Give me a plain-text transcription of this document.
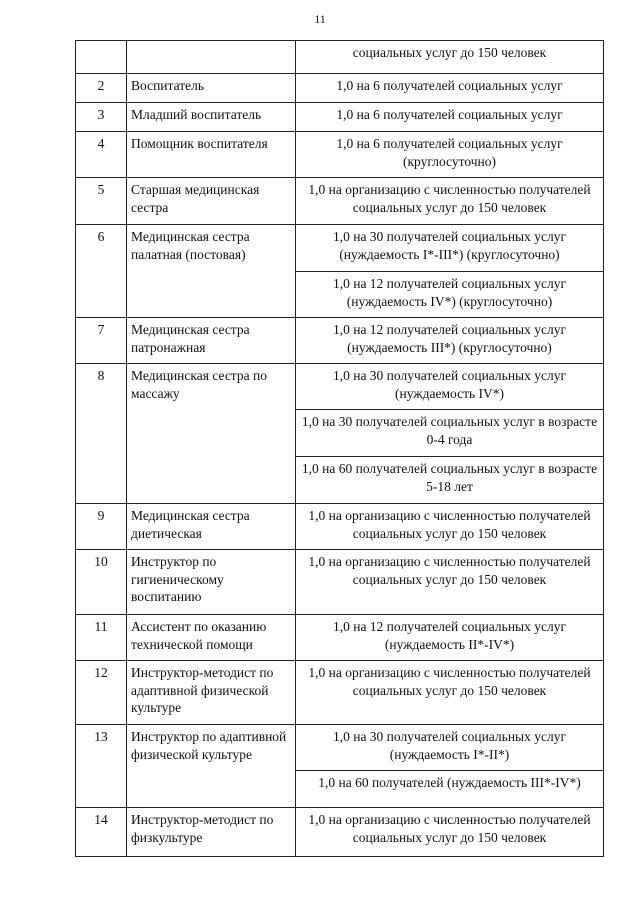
11
		социальных услуг до 150 человек
2	Воспитатель	1,0 на 6 получателей социальных услуг
3	Младший воспитатель	1,0 на 6 получателей социальных услуг
4	Помощник воспитателя	1,0 на 6 получателей социальных услуг (круглосуточно)
5	Старшая медицинская сестра	1,0 на организацию с численностью получателей социальных услуг до 150 человек
6	Медицинская сестра палатная (постовая)	1,0 на 30 получателей социальных услуг (нуждаемость I*-III*) (круглосуточно)
		1,0 на 12 получателей социальных услуг (нуждаемость IV*) (круглосуточно)
7	Медицинская сестра патронажная	1,0 на 12 получателей социальных услуг (нуждаемость III*) (круглосуточно)
8	Медицинская сестра по массажу	1,0 на 30 получателей социальных услуг (нуждаемость IV*)
		1,0 на 30 получателей социальных услуг в возрасте 0-4 года
		1,0 на 60 получателей социальных услуг в возрасте 5-18 лет
9	Медицинская сестра диетическая	1,0 на организацию с численностью получателей социальных услуг до 150 человек
10	Инструктор по гигиеническому воспитанию	1,0 на организацию с численностью получателей социальных услуг до 150 человек
11	Ассистент по оказанию технической помощи	1,0 на 12 получателей социальных услуг (нуждаемость II*-IV*)
12	Инструктор-методист по адаптивной физической культуре	1,0 на организацию с численностью получателей социальных услуг до 150 человек
13	Инструктор по адаптивной физической культуре	1,0 на 30 получателей социальных услуг (нуждаемость I*-II*)
		1,0 на 60 получателей (нуждаемость III*-IV*)
14	Инструктор-методист по физкультуре	1,0 на организацию с численностью получателей социальных услуг до 150 человек
